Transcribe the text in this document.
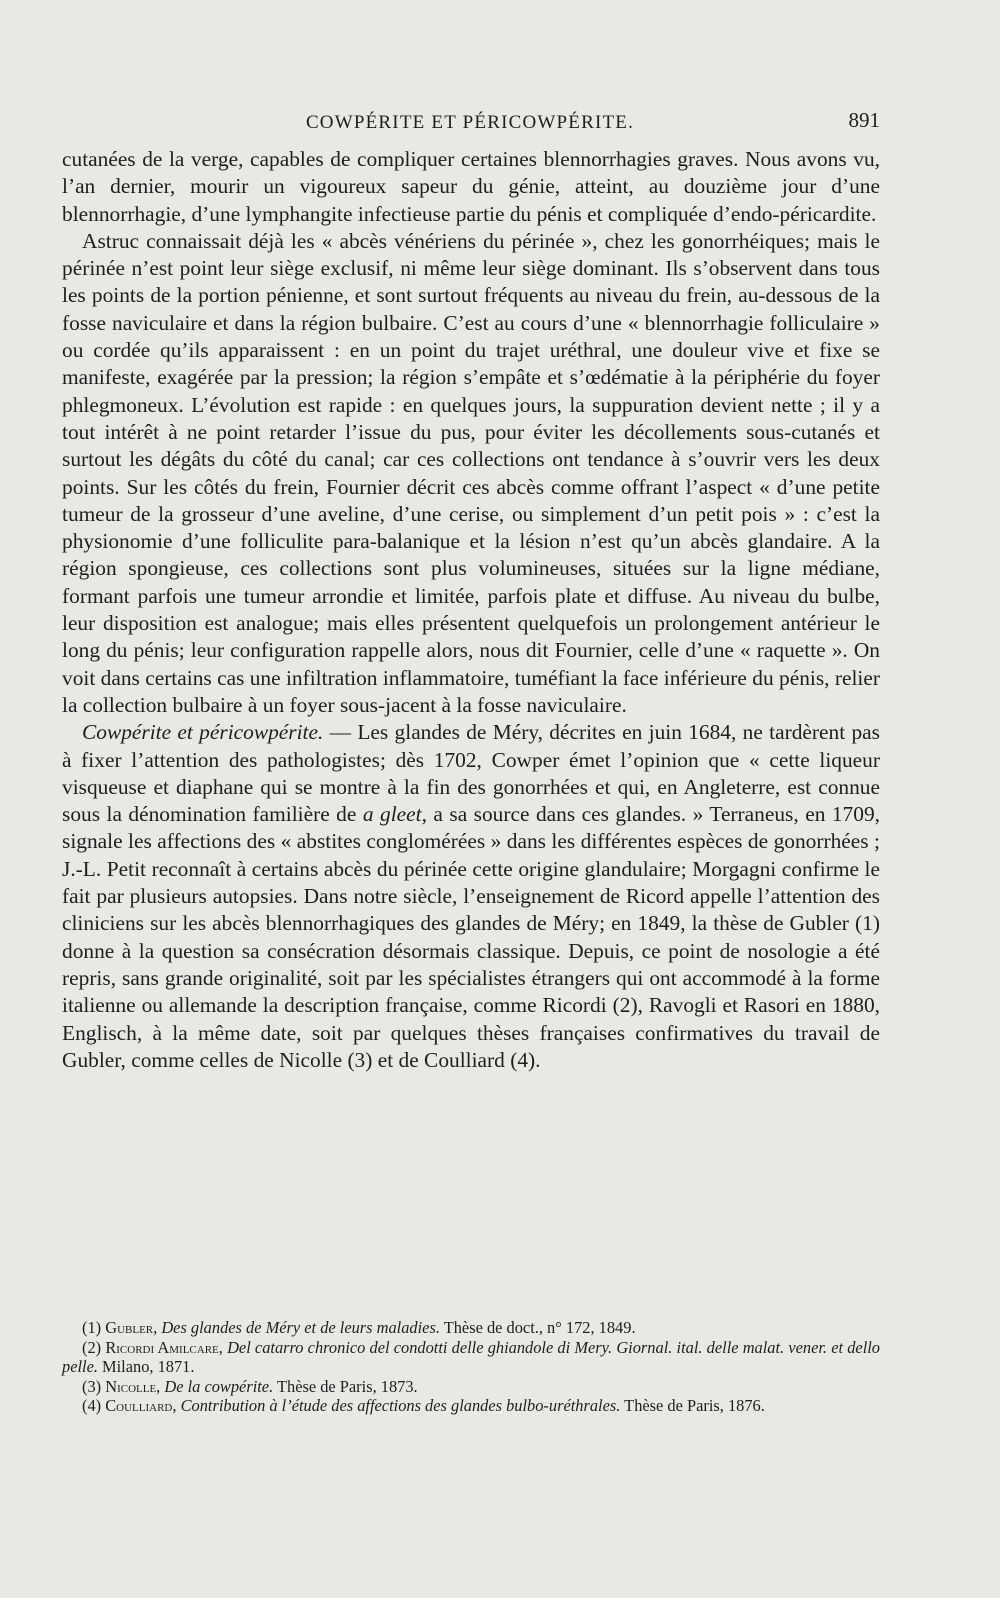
COWPÉRITE ET PÉRICOWPÉRITE.	891

cutanées de la verge, capables de compliquer certaines blennorrhagies graves. Nous avons vu, l’an dernier, mourir un vigoureux sapeur du génie, atteint, au douzième jour d’une blennorrhagie, d’une lymphangite infectieuse partie du pénis et compliquée d’endo-péricardite.

Astruc connaissait déjà les « abcès vénériens du périnée », chez les gonorrhéiques; mais le périnée n’est point leur siège exclusif, ni même leur siège dominant. Ils s’observent dans tous les points de la portion pénienne, et sont surtout fréquents au niveau du frein, au-dessous de la fosse naviculaire et dans la région bulbaire. C’est au cours d’une « blennorrhagie folliculaire » ou cordée qu’ils apparaissent : en un point du trajet uréthral, une douleur vive et fixe se manifeste, exagérée par la pression; la région s’empâte et s’œdématie à la périphérie du foyer phlegmoneux. L’évolution est rapide : en quelques jours, la suppuration devient nette ; il y a tout intérêt à ne point retarder l’issue du pus, pour éviter les décollements sous-cutanés et surtout les dégâts du côté du canal; car ces collections ont tendance à s’ouvrir vers les deux points. Sur les côtés du frein, Fournier décrit ces abcès comme offrant l’aspect « d’une petite tumeur de la grosseur d’une aveline, d’une cerise, ou simplement d’un petit pois » : c’est la physionomie d’une folliculite para-balanique et la lésion n’est qu’un abcès glandaire. A la région spongieuse, ces collections sont plus volumineuses, situées sur la ligne médiane, formant parfois une tumeur arrondie et limitée, parfois plate et diffuse. Au niveau du bulbe, leur disposition est analogue; mais elles présentent quelquefois un prolongement antérieur le long du pénis; leur configuration rappelle alors, nous dit Fournier, celle d’une « raquette ». On voit dans certains cas une infiltration inflammatoire, tuméfiant la face inférieure du pénis, relier la collection bulbaire à un foyer sous-jacent à la fosse naviculaire.

Cowpérite et péricowpérite. — Les glandes de Méry, décrites en juin 1684, ne tardèrent pas à fixer l’attention des pathologistes; dès 1702, Cowper émet l’opinion que « cette liqueur visqueuse et diaphane qui se montre à la fin des gonorrhées et qui, en Angleterre, est connue sous la dénomination familière de a gleet, a sa source dans ces glandes. » Terraneus, en 1709, signale les affections des « abstites conglomérées » dans les différentes espèces de gonorrhées ; J.-L. Petit reconnaît à certains abcès du périnée cette origine glandulaire; Morgagni confirme le fait par plusieurs autopsies. Dans notre siècle, l’enseignement de Ricord appelle l’attention des cliniciens sur les abcès blennorrhagiques des glandes de Méry; en 1849, la thèse de Gubler (1) donne à la question sa consécration désormais classique. Depuis, ce point de nosologie a été repris, sans grande originalité, soit par les spécialistes étrangers qui ont accommodé à la forme italienne ou allemande la description française, comme Ricordi (2), Ravogli et Rasori en 1880, Englisch, à la même date, soit par quelques thèses françaises confirmatives du travail de Gubler, comme celles de Nicolle (3) et de Coulliard (4).

(1) Gubler, Des glandes de Méry et de leurs maladies. Thèse de doct., n° 172, 1849.

(2) Ricordi Amilcare, Del catarro chronico del condotti delle ghiandole di Mery. Giornal. ital. delle malat. vener. et dello pelle. Milano, 1871.

(3) Nicolle, De la cowpérite. Thèse de Paris, 1873.

(4) Coulliard, Contribution à l’étude des affections des glandes bulbo-uréthrales. Thèse de Paris, 1876.
